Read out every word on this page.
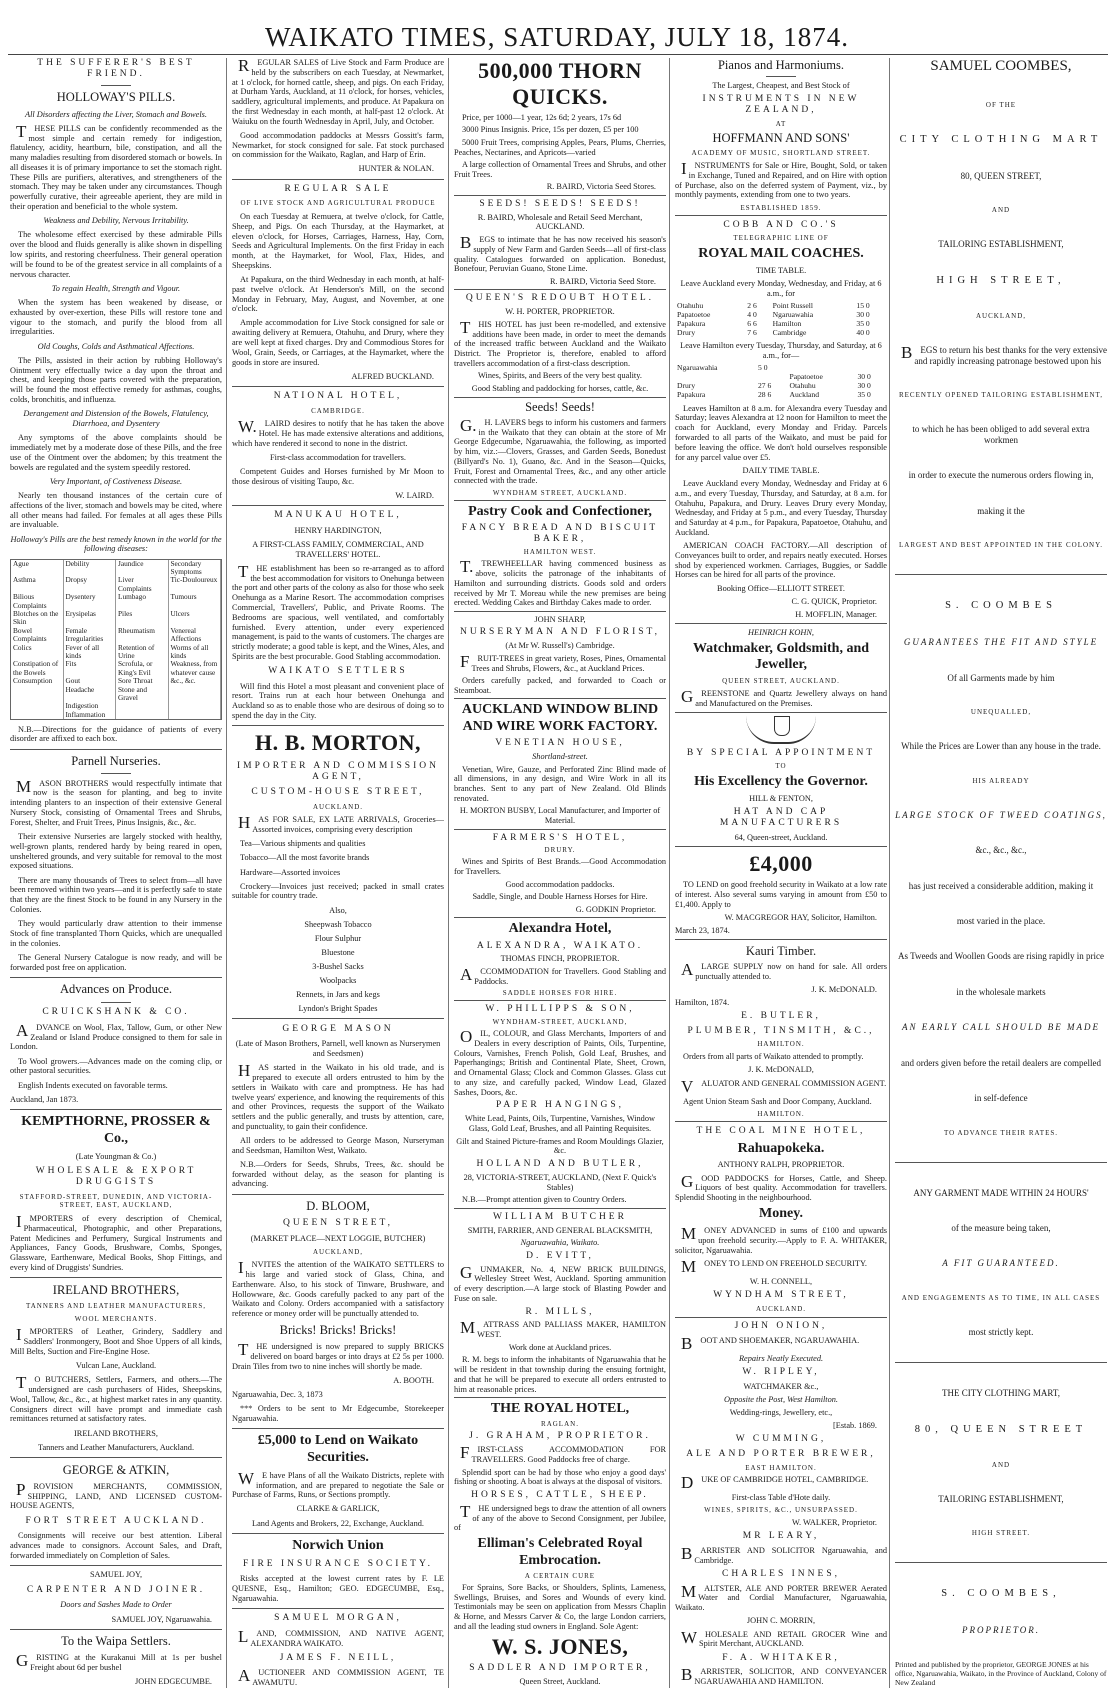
WAIKATO TIMES, SATURDAY, JULY 18, 1874.
THE SUFFERER'S BEST FRIEND.
HOLLOWAY'S PILLS.
All Disorders affecting the Liver, Stomach and Bowels.
THESE PILLS can be confidently recommended as the most simple and certain remedy for indigestion, flatulency, acidity, heartburn, bile, constipation, and all the many maladies resulting from disordered stomach or bowels. In all diseases it is of primary importance to set the stomach right. These Pills are purifiers, alteratives, and strengtheners of the stomach. They may be taken under any circumstances. Though powerfully curative, their agreeable aperient, they are mild in their operation and beneficial to the whole system.
Weakness and Debility, Nervous Irritability.
The wholesome effect exercised by these admirable Pills over the blood and fluids generally is alike shown in dispelling low spirits, and restoring cheerfulness. Their general operation will be found to be of the greatest service in all complaints of a nervous character.
To regain Health, Strength and Vigour.
When the system has been weakened by disease, or exhausted by over-exertion, these Pills will restore tone and vigour to the stomach, and purify the blood from all irregularities.
Old Coughs, Colds and Asthmatical Affections.
The Pills, assisted in their action by rubbing Holloway's Ointment very effectually twice a day upon the throat and chest, and keeping those parts covered with the preparation, will be found the most effective remedy for asthmas, coughs, colds, bronchitis, and influenza.
Derangement and Distension of the Bowels, Flatulency, Diarrhoea, and Dysentery
Any symptoms of the above complaints should be immediately met by a moderate dose of these Pills, and the free use of the Ointment over the abdomen; by this treatment the bowels are regulated and the system speedily restored.
Very Important, of Costiveness Disease.
Nearly ten thousand instances of the certain cure of affections of the liver, stomach and bowels may be cited, where all other means had failed. For females at all ages these Pills are invaluable.
Holloway's Pills are the best remedy known in the world for the following diseases:
Ague	Debility	Jaundice	Secondary Symptoms
Asthma	Dropsy	Liver Complaints
Tic-Douloureux
Bilious Complaints
Dysentery	Lumbago	Tumours
Blotches on the Skin
Erysipelas	Piles	Ulcers
Bowel Complaints
Female Irregularities
Rheumatism	Venereal Affections
Colics	Fever of all kinds
Retention of Urine
Worms of all kinds
Constipation of the Bowels
Fits	Scrofula, or King's Evil
Weakness, from whatever cause
Consumption	Gout	Sore Throat	&c., &c.
Headache	Stone and Gravel
Indigestion
Inflammation
N.B.—Directions for the guidance of patients of every disorder are affixed to each box.
Parnell Nurseries.
MASON BROTHERS would respectfully intimate that now is the season for planting, and beg to invite intending planters to an inspection of their extensive General Nursery Stock, consisting of Ornamental Trees and Shrubs, Forest, Shelter, and Fruit Trees, Pinus Insignis, &c., &c.
Their extensive Nurseries are largely stocked with healthy, well-grown plants, rendered hardy by being reared in open, unsheltered grounds, and very suitable for removal to the most exposed situations.
There are many thousands of Trees to select from—all have been removed within two years—and it is perfectly safe to state that they are the finest Stock to be found in any Nursery in the Colonies.
They would particularly draw attention to their immense Stock of fine transplanted Thorn Quicks, which are unequalled in the colonies.
The General Nursery Catalogue is now ready, and will be forwarded post free on application.
Advances on Produce.
CRUICKSHANK & CO.
ADVANCE on Wool, Flax, Tallow, Gum, or other New Zealand or Island Produce consigned to them for sale in London.
To Wool growers.—Advances made on the coming clip, or other pastoral securities.
English Indents executed on favorable terms.
Auckland, Jan 1873.
KEMPTHORNE, PROSSER & Co.,
(Late Youngman & Co.)
WHOLESALE & EXPORT DRUGGISTS
STAFFORD-STREET, DUNEDIN, AND VICTORIA-STREET, EAST, AUCKLAND,
IMPORTERS of every description of Chemical, Pharmaceutical, Photographic, and other Preparations, Patent Medicines and Perfumery, Surgical Instruments and Appliances, Fancy Goods, Brushware, Combs, Sponges, Glassware, Earthenware, Medical Books, Shop Fittings, and every kind of Druggists' Sundries.
IRELAND BROTHERS,
TANNERS AND LEATHER MANUFACTURERS,
WOOL MERCHANTS.
IMPORTERS of Leather, Grindery, Saddlery and Saddlers' Ironmongery, Boot and Shoe Uppers of all kinds, Mill Belts, Suction and Fire-Engine Hose.
Vulcan Lane, Auckland.
TO BUTCHERS, Settlers, Farmers, and others.—The undersigned are cash purchasers of Hides, Sheepskins, Wool, Tallow, &c., &c., at highest market rates in any quantity. Consigners direct will have prompt and immediate cash remittances returned at satisfactory rates.
IRELAND BROTHERS,
Tanners and Leather Manufacturers, Auckland.
GEORGE & ATKIN,
PROVISION MERCHANTS, COMMISSION, SHIPPING, LAND, AND LICENSED CUSTOM-HOUSE AGENTS,
FORT STREET AUCKLAND.
Consignments will receive our best attention. Liberal advances made to consignors. Account Sales, and Draft, forwarded immediately on Completion of Sales.
SAMUEL JOY,
CARPENTER AND JOINER.
Doors and Sashes Made to Order
SAMUEL JOY, Ngaruawahia.
To the Waipa Settlers.
GRISTING at the Kurakanui Mill at 1s per bushel Freight about 6d per bushel
JOHN EDGECUMBE.
REGULAR SALES of Live Stock and Farm Produce are held by the subscribers on each Tuesday, at Newmarket, at 1 o'clock, for horned cattle, sheep, and pigs. On each Friday, at Durham Yards, Auckland, at 11 o'clock, for horses, vehicles, saddlery, agricultural implements, and produce. At Papakura on the first Wednesday in each month, at half-past 12 o'clock. At Waiuku on the fourth Wednesday in April, July, and October.
Good accommodation paddocks at Messrs Gossitt's farm, Newmarket, for stock consigned for sale. Fat stock purchased on commission for the Waikato, Raglan, and Harp of Erin.
HUNTER & NOLAN.
REGULAR SALE
OF LIVE STOCK AND AGRICULTURAL PRODUCE
On each Tuesday at Remuera, at twelve o'clock, for Cattle, Sheep, and Pigs. On each Thursday, at the Haymarket, at eleven o'clock, for Horses, Carriages, Harness, Hay, Corn, Seeds and Agricultural Implements. On the first Friday in each month, at the Haymarket, for Wool, Flax, Hides, and Sheepskins.
At Papakura, on the third Wednesday in each month, at half-past twelve o'clock. At Henderson's Mill, on the second Monday in February, May, August, and November, at one o'clock.
Ample accommodation for Live Stock consigned for sale or awaiting delivery at Remuera, Otahuhu, and Drury, where they are well kept at fixed charges. Dry and Commodious Stores for Wool, Grain, Seeds, or Carriages, at the Haymarket, where the goods in store are insured.
ALFRED BUCKLAND.
NATIONAL HOTEL,
CAMBRIDGE.
W.LAIRD desires to notify that he has taken the above Hotel. He has made extensive alterations and additions, which have rendered it second to none in the district.
First-class accommodation for travellers.
Competent Guides and Horses furnished by Mr Moon to those desirous of visiting Taupo, &c.
W. LAIRD.
MANUKAU HOTEL,
HENRY HARDINGTON,
A FIRST-CLASS FAMILY, COMMERCIAL, AND TRAVELLERS' HOTEL.
THE establishment has been so re-arranged as to afford the best accommodation for visitors to Onehunga between the port and other parts of the colony as also for those who seek Onehunga as a Marine Resort. The accommodation comprises Commercial, Travellers', Public, and Private Rooms. The Bedrooms are spacious, well ventilated, and comfortably furnished. Every attention, under every experienced management, is paid to the wants of customers. The charges are strictly moderate; a good table is kept, and the Wines, Ales, and Spirits are the best procurable. Good Stabling accommodation.
WAIKATO SETTLERS
Will find this Hotel a most pleasant and convenient place of resort. Trains run at each hour between Onehunga and Auckland so as to enable those who are desirous of doing so to spend the day in the City.
H. B. MORTON,
IMPORTER AND COMMISSION AGENT,
CUSTOM-HOUSE STREET,
AUCKLAND.
HAS FOR SALE, EX LATE ARRIVALS, Groceries—Assorted invoices, comprising every description
Tea—Various shipments and qualities
Tobacco—All the most favorite brands
Hardware—Assorted invoices
Crockery—Invoices just received; packed in small crates suitable for country trade.
Also,
Sheepwash Tobacco
Flour Sulphur
Bluestone
3-Bushel Sacks
Woolpacks
Rennets, in Jars and kegs
Lyndon's Bright Spades
GEORGE MASON
(Late of Mason Brothers, Parnell, well known as Nurserymen and Seedsmen)
HAS started in the Waikato in his old trade, and is prepared to execute all orders entrusted to him by the settlers in Waikato with care and promptness. He has had twelve years' experience, and knowing the requirements of this and other Provinces, requests the support of the Waikato settlers and the public generally, and trusts by attention, care, and punctuality, to gain their confidence.
All orders to be addressed to George Mason, Nurseryman and Seedsman, Hamilton West, Waikato.
N.B.—Orders for Seeds, Shrubs, Trees, &c. should be forwarded without delay, as the season for planting is advancing.
D. BLOOM,
QUEEN STREET,
(MARKET PLACE—NEXT LOGGIE, BUTCHER)
AUCKLAND,
INVITES the attention of the WAIKATO SETTLERS to his large and varied stock of Glass, China, and Earthenware. Also, to his stock of Tinware, Brushware, and Hollowware, &c. Goods carefully packed to any part of the Waikato and Colony. Orders accompanied with a satisfactory reference or money order will be punctually attended to.
Bricks! Bricks! Bricks!
THE undersigned is now prepared to supply BRICKS delivered on board barges or into drays at £2 5s per 1000. Drain Tiles from two to nine inches will shortly be made.
A. BOOTH.
Ngaruawahia, Dec. 3, 1873
*** Orders to be sent to Mr Edgecumbe, Storekeeper Ngaruawahia.
£5,000 to Lend on Waikato Securities.
WE have Plans of all the Waikato Districts, replete with information, and are prepared to negotiate the Sale or Purchase of Farms, Runs, or Sections promptly.
CLARKE & GARLICK,
Land Agents and Brokers, 22, Exchange, Auckland.
Norwich Union
FIRE INSURANCE SOCIETY.
Risks accepted at the lowest current rates by F. LE QUESNE, Esq., Hamilton; GEO. EDGECUMBE, Esq., Ngaruawahia.
SAMUEL MORGAN,
LAND, COMMISSION, AND NATIVE AGENT, ALEXANDRA WAIKATO.
JAMES F. NEILL,
AUCTIONEER AND COMMISSION AGENT, TE AWAMUTU.
500,000 THORN QUICKS.
Price, per 1000—1 year, 12s 6d; 2 years, 17s 6d
3000 Pinus Insignis. Price, 15s per dozen, £5 per 100
5000 Fruit Trees, comprising Apples, Pears, Plums, Cherries, Peaches, Nectarines, and Apricots—varied
A large collection of Ornamental Trees and Shrubs, and other Fruit Trees.
R. BAIRD, Victoria Seed Stores.
SEEDS! SEEDS! SEEDS!
R. BAIRD, Wholesale and Retail Seed Merchant, AUCKLAND.
BEGS to intimate that he has now received his season's supply of New Farm and Garden Seeds—all of first-class quality. Catalogues forwarded on application. Bonedust, Bonefour, Peruvian Guano, Stone Lime.
R. BAIRD, Victoria Seed Store.
QUEEN'S REDOUBT HOTEL.
W. H. PORTER, PROPRIETOR.
THIS HOTEL has just been re-modelled, and extensive additions have been made, in order to meet the demands of the increased traffic between Auckland and the Waikato District. The Proprietor is, therefore, enabled to afford travellers accommodation of a first-class description.
Wines, Spirits, and Beers of the very best quality.
Good Stabling and paddocking for horses, cattle, &c.
Seeds! Seeds!
G.H. LAVERS begs to inform his customers and farmers in the Waikato that they can obtain at the store of Mr George Edgecumbe, Ngaruawahia, the following, as imported by him, viz.:—Clovers, Grasses, and Garden Seeds, Bonedust (Billyard's No. 1), Guano, &c. And in the Season—Quicks, Fruit, Forest and Ornamental Trees, &c., and any other article connected with the trade.
WYNDHAM STREET, AUCKLAND.
Pastry Cook and Confectioner,
FANCY BREAD AND BISCUIT BAKER,
HAMILTON WEST.
T.TREWHEELLAR having commenced business as above, solicits the patronage of the inhabitants of Hamilton and surrounding districts. Goods sold and orders received by Mr T. Moreau while the new premises are being erected. Wedding Cakes and Birthday Cakes made to order.
JOHN SHARP,
NURSERYMAN AND FLORIST,
(At Mr W. Russell's) Cambridge.
FRUIT-TREES in great variety, Roses, Pines, Ornamental Trees and Shrubs, Flowers, &c., at Auckland Prices.
Orders carefully packed, and forwarded to Coach or Steamboat.
AUCKLAND WINDOW BLIND AND WIRE WORK FACTORY.
VENETIAN HOUSE,
Shortland-street.
Venetian, Wire, Gauze, and Perforated Zinc Blind made of all dimensions, in any design, and Wire Work in all its branches. Sent to any part of New Zealand. Old Blinds renovated.
H. MORTON BUSBY, Local Manufacturer, and Importer of Material.
FARMERS'S HOTEL,
DRURY.
Wines and Spirits of Best Brands.—Good Accommodation for Travellers.
Good accommodation paddocks.
Saddle, Single, and Double Harness Horses for Hire.
G. GODKIN Proprietor.
Alexandra Hotel,
ALEXANDRA, WAIKATO.
THOMAS FINCH, PROPRIETOR.
ACCOMMODATION for Travellers. Good Stabling and Paddocks.
SADDLE HORSES FOR HIRE.
W. PHILLIPPS & SON,
WYNDHAM-STREET, AUCKLAND,
OIL, COLOUR, and Glass Merchants, Importers of and Dealers in every description of Paints, Oils, Turpentine, Colours, Varnishes, French Polish, Gold Leaf, Brushes, and Paperhangings; British and Continental Plate, Sheet, Crown, and Ornamental Glass; Clock and Common Glasses. Glass cut to any size, and carefully packed, Window Lead, Glazed Sashes, Doors, &c.
PAPER HANGINGS,
White Lead, Paints, Oils, Turpentine, Varnishes, Window Glass, Gold Leaf, Brushes, and all Painting Requisites.
Gilt and Stained Picture-frames and Room Mouldings Glazier, &c.
HOLLAND AND BUTLER,
28, VICTORIA-STREET, AUCKLAND, (Next F. Quick's Stables)
N.B.—Prompt attention given to Country Orders.
WILLIAM BUTCHER
SMITH, FARRIER, AND GENERAL BLACKSMITH,
Ngaruawahia, Waikato.
D. EVITT,
GUNMAKER, No. 4, NEW BRICK BUILDINGS, Wellesley Street West, Auckland. Sporting ammunition of every description.—A large stock of Blasting Powder and Fuse on sale.
R. MILLS,
MATTRASS AND PALLIASS MAKER, HAMILTON WEST.
Work done at Auckland prices.
R. M. begs to inform the inhabitants of Ngaruawahia that he will be resident in that township during the ensuing fortnight, and that he will be prepared to execute all orders entrusted to him at reasonable prices.
THE ROYAL HOTEL,
RAGLAN.
J. GRAHAM, PROPRIETOR.
FIRST-CLASS ACCOMMODATION FOR TRAVELLERS. Good Paddocks free of charge.
Splendid sport can be had by those who enjoy a good days' fishing or shooting. A boat is always at the disposal of visitors.
HORSES, CATTLE, SHEEP.
THE undersigned begs to draw the attention of all owners of any of the above to Second Consignment, per Jubilee, of
Elliman's Celebrated Royal Embrocation.
A CERTAIN CURE
For Sprains, Sore Backs, or Shoulders, Splints, Lameness, Swellings, Bruises, and Sores and Wounds of every kind. Testimonials may be seen on application from Messrs Chaplin & Horne, and Messrs Carver & Co, the large London carriers, and all the leading stud owners in England. Sole Agent:
W. S. JONES,
SADDLER AND IMPORTER,
Queen Street, Auckland.
Pianos and Harmoniums.
The Largest, Cheapest, and Best Stock of
INSTRUMENTS IN NEW ZEALAND,
AT
HOFFMANN AND SONS'
ACADEMY OF MUSIC, SHORTLAND STREET.
INSTRUMENTS for Sale or Hire, Bought, Sold, or taken in Exchange, Tuned and Repaired, and on Hire with option of Purchase, also on the deferred system of Payment, viz., by monthly payments, extending from one to two years.
ESTABLISHED 1859.
COBB AND CO.'S
TELEGRAPHIC LINE OF
ROYAL MAIL COACHES.
TIME TABLE.
Leave Auckland every Monday, Wednesday, and Friday, at 6 a.m., for
Otahuhu	2 6	Point Russell	15 0
Papatoetoe	4 0	Ngaruawahia	30 0
Papakura	6 6	Hamilton	35 0
Drury	7 6	Cambridge	40 0
Leave Hamilton every Tuesday, Thursday, and Saturday, at 6 a.m., for—
Ngaruawahia	5 0		
		Papatoetoe	30 0
Drury	27 6	Otahuhu	30 0
Papakura	28 6	Auckland	35 0
Leaves Hamilton at 8 a.m. for Alexandra every Tuesday and Saturday; leaves Alexandra at 12 noon for Hamilton to meet the coach for Auckland, every Monday and Friday. Parcels forwarded to all parts of the Waikato, and must be paid for before leaving the office. We don't hold ourselves responsible for any parcel value over £5.
DAILY TIME TABLE.
Leave Auckland every Monday, Wednesday and Friday at 6 a.m., and every Tuesday, Thursday, and Saturday, at 8 a.m. for Otahuhu, Papakura, and Drury. Leaves Drury every Monday, Wednesday, and Friday at 5 p.m., and every Tuesday, Thursday and Saturday at 4 p.m., for Papakura, Papatoetoe, Otahuhu, and Auckland.
AMERICAN COACH FACTORY.—All description of Conveyances built to order, and repairs neatly executed. Horses shod by experienced workmen. Carriages, Buggies, or Saddle Horses can be hired for all parts of the province.
Booking Office—ELLIOTT STREET.
C. G. QUICK, Proprietor.
H. MOFFLIN, Manager.
HEINRICH KOHN,
Watchmaker, Goldsmith, and Jeweller,
QUEEN STREET, AUCKLAND.
GREENSTONE and Quartz Jewellery always on hand and Manufactured on the Premises.
BY SPECIAL APPOINTMENT
TO
His Excellency the Governor.
HILL & FENTON,
HAT AND CAP MANUFACTURERS
64, Queen-street, Auckland.
£4,000
TO LEND on good freehold security in Waikato at a low rate of interest. Also several sums varying in amount from £50 to £1,400. Apply to
W. MACGREGOR HAY, Solicitor, Hamilton.
March 23, 1874.
Kauri Timber.
ALARGE SUPPLY now on hand for sale. All orders punctually attended to.
J. K. McDONALD.
Hamilton, 1874.
E. BUTLER,
PLUMBER, TINSMITH, &C.,
HAMILTON.
Orders from all parts of Waikato attended to promptly.
J. K. McDONALD,
VALUATOR AND GENERAL COMMISSION AGENT.
Agent Union Steam Sash and Door Company, Auckland.
HAMILTON.
THE COAL MINE HOTEL,
Rahuapokeka.
ANTHONY RALPH, PROPRIETOR.
GOOD PADDOCKS for Horses, Cattle, and Sheep. Liquors of best quality. Accommodation for travellers. Splendid Shooting in the neighbourhood.
Money.
MONEY ADVANCED in sums of £100 and upwards upon freehold security.—Apply to F. A. WHITAKER, solicitor, Ngaruawahia.
MONEY TO LEND ON FREEHOLD SECURITY.
W. H. CONNELL,
WYNDHAM STREET,
AUCKLAND.
JOHN ONION,
BOOT AND SHOEMAKER, NGARUAWAHIA.
Repairs Neatly Executed.
W. RIPLEY,
WATCHMAKER &c.,
Opposite the Post, West Hamilton.
Wedding-rings, Jewellery, etc.,
[Estab. 1869.
W CUMMING,
ALE AND PORTER BREWER,
EAST HAMILTON.
DUKE OF CAMBRIDGE HOTEL, CAMBRIDGE.
First-class Table d'Hote daily.
WINES, SPIRITS, &C., UNSURPASSED.
W. WALKER, Proprietor.
MR LEARY,
BARRISTER AND SOLICITOR Ngaruawahia, and Cambridge.
CHARLES INNES,
MALTSTER, ALE AND PORTER BREWER Aerated Water and Cordial Manufacturer, Ngaruawahia, Waikato.
JOHN C. MORRIN,
WHOLESALE AND RETAIL GROCER Wine and Spirit Merchant, AUCKLAND.
F. A. WHITAKER,
BARRISTER, SOLICITOR, AND CONVEYANCER NGARUAWAHIA AND HAMILTON.
SAMUEL COOMBES,
OF THE
CITY CLOTHING MART
80, QUEEN STREET,
AND
TAILORING ESTABLISHMENT,
HIGH STREET,
AUCKLAND,
BEGS to return his best thanks for the very extensive and rapidly increasing patronage bestowed upon his
RECENTLY OPENED TAILORING ESTABLISHMENT,
to which he has been obliged to add several extra workmen
in order to execute the numerous orders flowing in,
making it the
LARGEST AND BEST APPOINTED IN THE COLONY.
S. COOMBES
GUARANTEES THE FIT AND STYLE
Of all Garments made by him
UNEQUALLED,
While the Prices are Lower than any house in the trade.
HIS ALREADY
LARGE STOCK OF TWEED COATINGS,
&c., &c., &c.,
has just received a considerable addition, making it
most varied in the place.
As Tweeds and Woollen Goods are rising rapidly in price
in the wholesale markets
AN EARLY CALL SHOULD BE MADE
and orders given before the retail dealers are compelled
in self-defence
TO ADVANCE THEIR RATES.
ANY GARMENT MADE WITHIN 24 HOURS'
of the measure being taken,
A FIT GUARANTEED.
AND ENGAGEMENTS AS TO TIME, IN ALL CASES
most strictly kept.
THE CITY CLOTHING MART,
80, QUEEN STREET
AND
TAILORING ESTABLISHMENT,
HIGH STREET.
S. COOMBES,
PROPRIETOR.
Printed and published by the proprietor, GEORGE JONES at his office, Ngaruawahia, Waikato, in the Province of Auckland, Colony of New Zealand
